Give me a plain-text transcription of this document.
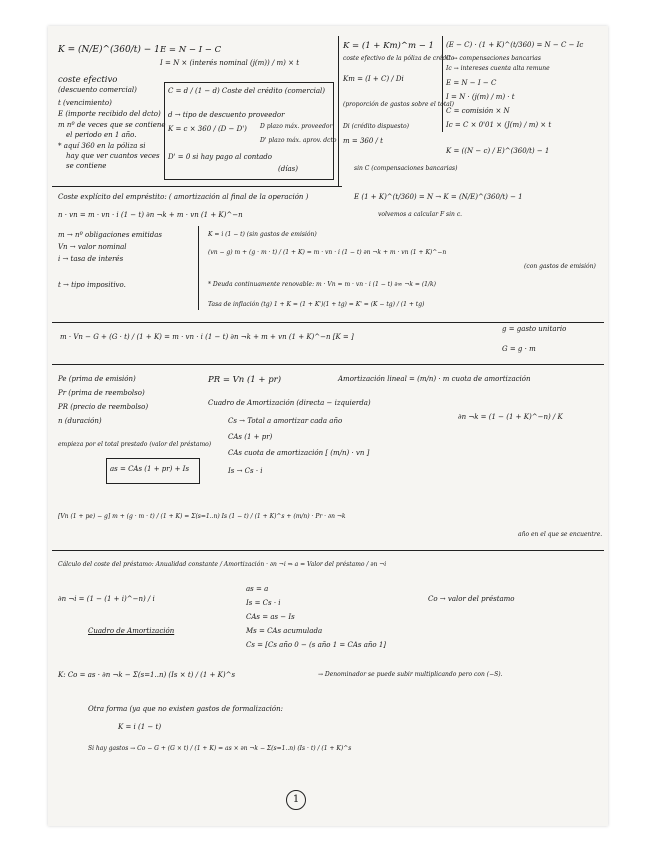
K = (N/E)^(360/t) − 1 E = N − I − C
I = N × (interés nominal (j(m)) / m) × t
coste efectivo
(descuento comercial)
t (vencimiento)
E (importe recibido del dcto)
m nº de veces que se contiene
el periodo en 1 año.
* aquí 360 en la póliza si
hay que ver cuantos veces
se contiene
C = d / (1 − d) Coste del crédito (comercial)
d → tipo de descuento proveedor
K = c × 360 / (D − D') D plazo máx. proveedor
D' plazo máx. aprov. dcto
D' = 0 si hay pago al contado
(días)
K = (1 + Km)^m − 1
coste efectivo de la póliza de crédito
Km = (I + C) / Di
(proporción de gastos sobre el total)
Di (crédito dispuesto)
m = 360 / t
(E − C) · (1 + K)^(t/360) = N − C − Ic
C → compensaciones bancarias
Ic → intereses cuenta alta remune
E = N − I − C
I = N · (j(m) / m) · t
C = comisión × N
Ic = C × 0'01 × (J(m) / m) × t
K = ((N − c) / E)^(360/t) − 1
sin C (compensaciones bancarias)
E (1 + K)^(t/360) = N → K = (N/E)^(360/t) − 1
volvemos a calcular F sin c.
Coste explícito del empréstito: ( amortización al final de la operación )
n · vn = m · vn · i (1 − t) ∂n ¬k + m · vn (1 + K)^−n
m → nº obligaciones emitidas
Vn → valor nominal
i → tasa de interés
t → tipo impositivo.
K = i (1 − t) (sin gastos de emisión)
(vn − g) m + (g · m · t) / (1 + K) = m · vn · i (1 − t) ∂n ¬k + m · vn (1 + K)^−n
(con gastos de emisión)
* Deuda continuamente renovable: m · Vn = m · vn · i (1 − t) ∂∞ ¬k = (1/k)
Tasa de inflación (tg) 1 + K = (1 + K')(1 + tg) = K' = (K − tg) / (1 + tg)
m · Vn − G + (G · t) / (1 + K) = m · vn · i (1 − t) ∂n ¬k + m + vn (1 + K)^−n [K = ]
g = gasto unitario
G = g · m
Pe (prima de emisión)
Pr (prima de reembolso)
PR (precio de reembolso)
n (duración)
PR = Vn (1 + pr)	Amortización lineal = (m/n) · m cuota de amortización
Cuadro de Amortización (directa − izquierda)
Cs → Total a amortizar cada año
CAs (1 + pr)
CAs cuota de amortización [ (m/n) · vn ]
Is → Cs · i
∂n ¬k = (1 − (1 + K)^−n) / K
empieza por el total prestado (valor del préstamo)
as = CAs (1 + pr) + Is
[Vn (1 + pe) − g] m + (g · m · t) / (1 + K) = Σ(s=1..n) Is (1 − t) / (1 + K)^s + (m/n) · Pr · ∂n ¬k
año en el que se encuentre.
Cálculo del coste del préstamo: Anualidad constante / Amortización · ∂n ¬i ⇒ a = Valor del préstamo / ∂n ¬i
∂n ¬i = (1 − (1 + i)^−n) / i
as = a
Is = Cs · i
CAs = as − Is
Ms = CAs acumulada
Cs = [Cs año 0 − (s año 1 = CAs año 1]
Co → valor del préstamo
Cuadro de Amortización
K: Co = as · ∂n ¬k − Σ(s=1..n) (Is × t) / (1 + K)^s	→ Denominador se puede subir multiplicando pero con (−S).
Otra forma (ya que no existen gastos de formalización:
K = i (1 − t)
Si hay gastos → Co − G + (G × t) / (1 + K) = as × ∂n ¬k − Σ(s=1..n) (Is · t) / (1 + K)^s
1
